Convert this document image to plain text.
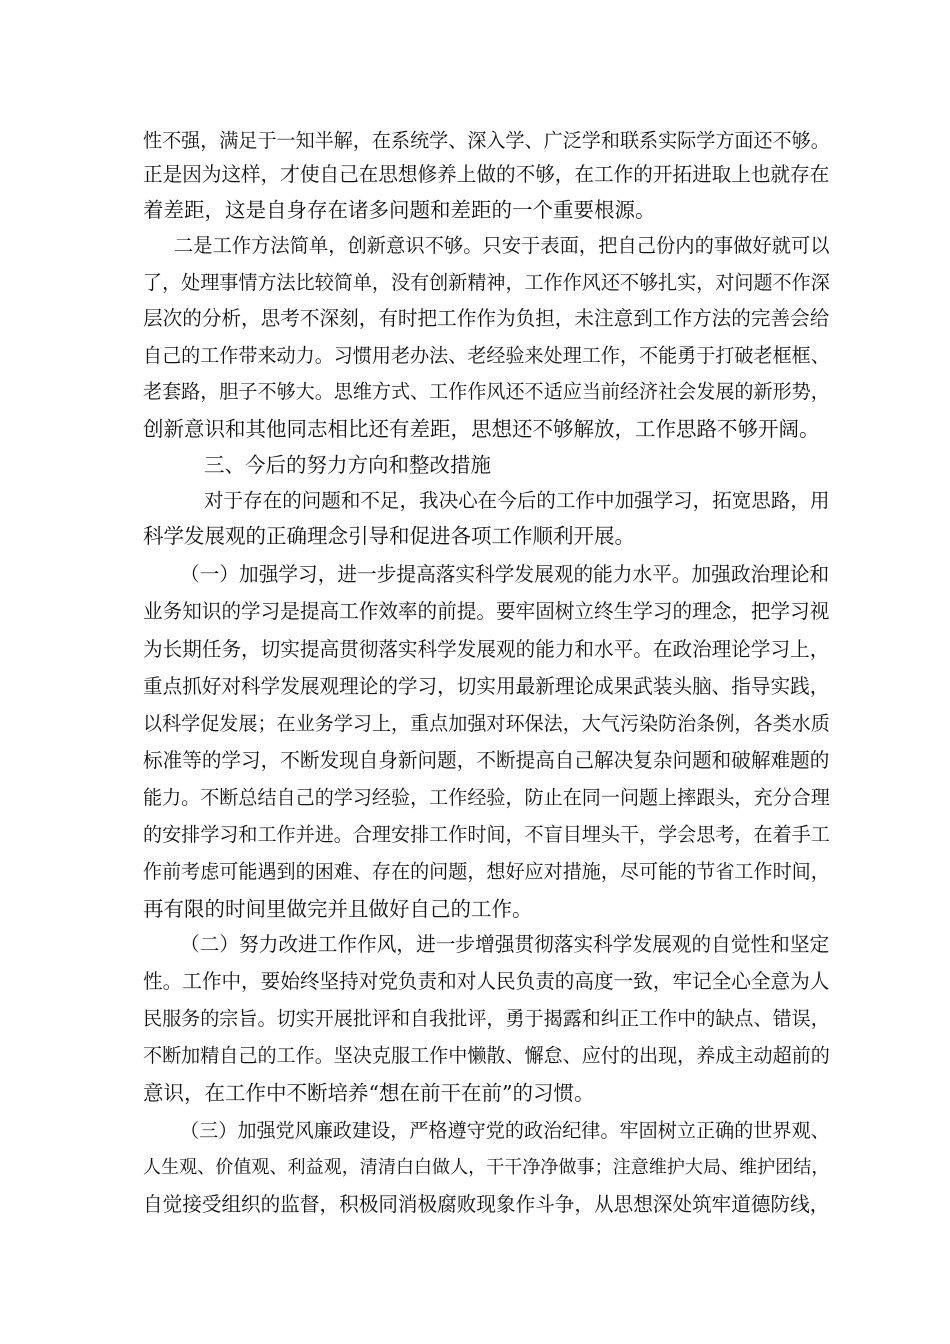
性不强，满足于一知半解，在系统学、深入学、广泛学和联系实际学方面还不够。
正是因为这样，才使自己在思想修养上做的不够，在工作的开拓进取上也就存在
着差距，这是自身存在诸多问题和差距的一个重要根源。
二是工作方法简单，创新意识不够。只安于表面，把自己份内的事做好就可以
了，处理事情方法比较简单，没有创新精神，工作作风还不够扎实，对问题不作深
层次的分析，思考不深刻，有时把工作作为负担，未注意到工作方法的完善会给
自己的工作带来动力。习惯用老办法、老经验来处理工作，不能勇于打破老框框、
老套路，胆子不够大。思维方式、工作作风还不适应当前经济社会发展的新形势，
创新意识和其他同志相比还有差距，思想还不够解放，工作思路不够开阔。
三、今后的努力方向和整改措施
对于存在的问题和不足，我决心在今后的工作中加强学习，拓宽思路，用
科学发展观的正确理念引导和促进各项工作顺利开展。
（一）加强学习，进一步提高落实科学发展观的能力水平。加强政治理论和
业务知识的学习是提高工作效率的前提。要牢固树立终生学习的理念，把学习视
为长期任务，切实提高贯彻落实科学发展观的能力和水平。在政治理论学习上，
重点抓好对科学发展观理论的学习，切实用最新理论成果武装头脑、指导实践，
以科学促发展；在业务学习上，重点加强对环保法，大气污染防治条例，各类水质
标准等的学习，不断发现自身新问题，不断提高自己解决复杂问题和破解难题的
能力。不断总结自己的学习经验，工作经验，防止在同一问题上摔跟头，充分合理
的安排学习和工作并进。合理安排工作时间，不盲目埋头干，学会思考，在着手工
作前考虑可能遇到的困难、存在的问题，想好应对措施，尽可能的节省工作时间，
再有限的时间里做完并且做好自己的工作。
（二）努力改进工作作风，进一步增强贯彻落实科学发展观的自觉性和坚定
性。工作中，要始终坚持对党负责和对人民负责的高度一致，牢记全心全意为人
民服务的宗旨。切实开展批评和自我批评，勇于揭露和纠正工作中的缺点、错误，
不断加精自己的工作。坚决克服工作中懒散、懈怠、应付的出现，养成主动超前的
意识，在工作中不断培养“想在前干在前”的习惯。
（三）加强党风廉政建设，严格遵守党的政治纪律。牢固树立正确的世界观、
人生观、价值观、利益观，清清白白做人，干干净净做事；注意维护大局、维护团结，
自觉接受组织的监督，积极同消极腐败现象作斗争，从思想深处筑牢道德防线，
